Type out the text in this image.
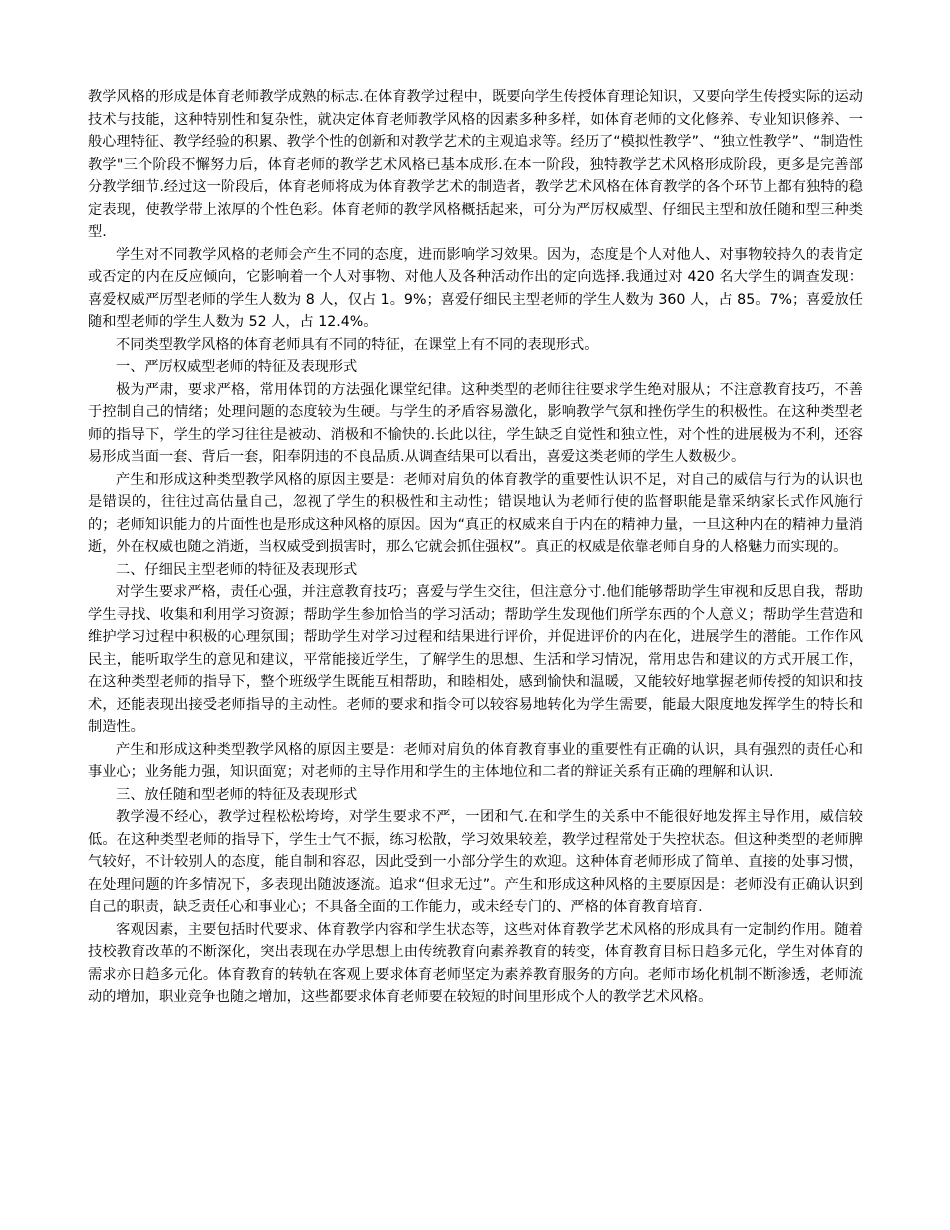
教学风格的形成是体育老师教学成熟的标志.在体育教学过程中，既要向学生传授体育理论知识，又要向学生传授实际的运动技术与技能，这种特别性和复杂性，就决定体育老师教学风格的因素多种多样，如体育老师的文化修养、专业知识修养、一般心理特征、教学经验的积累、教学个性的创新和对教学艺术的主观追求等。经历了“模拟性教学”、“独立性教学”、“制造性教学"三个阶段不懈努力后，体育老师的教学艺术风格已基本成形.在本一阶段，独特教学艺术风格形成阶段，更多是完善部分教学细节.经过这一阶段后，体育老师将成为体育教学艺术的制造者，教学艺术风格在体育教学的各个环节上都有独特的稳定表现，使教学带上浓厚的个性色彩。体育老师的教学风格概括起来，可分为严厉权威型、仔细民主型和放任随和型三种类型.

学生对不同教学风格的老师会产生不同的态度，进而影响学习效果。因为，态度是个人对他人、对事物较持久的表肯定或否定的内在反应倾向，它影响着一个人对事物、对他人及各种活动作出的定向选择.我通过对 420 名大学生的调查发现：喜爱权威严厉型老师的学生人数为 8 人，仅占 1。9%；喜爱仔细民主型老师的学生人数为 360 人，占 85。7%；喜爱放任随和型老师的学生人数为 52 人，占 12.4%。

不同类型教学风格的体育老师具有不同的特征，在课堂上有不同的表现形式。

一、严厉权威型老师的特征及表现形式

极为严肃，要求严格，常用体罚的方法强化课堂纪律。这种类型的老师往往要求学生绝对服从；不注意教育技巧，不善于控制自己的情绪；处理问题的态度较为生硬。与学生的矛盾容易激化，影响教学气氛和挫伤学生的积极性。在这种类型老师的指导下，学生的学习往往是被动、消极和不愉快的.长此以往，学生缺乏自觉性和独立性，对个性的进展极为不利，还容易形成当面一套、背后一套，阳奉阴违的不良品质.从调查结果可以看出，喜爱这类老师的学生人数极少。

产生和形成这种类型教学风格的原因主要是：老师对肩负的体育教学的重要性认识不足，对自己的威信与行为的认识也是错误的，往往过高估量自己，忽视了学生的积极性和主动性；错误地认为老师行使的监督职能是靠采纳家长式作风施行的；老师知识能力的片面性也是形成这种风格的原因。因为“真正的权威来自于内在的精神力量，一旦这种内在的精神力量消逝，外在权威也随之消逝，当权威受到损害时，那么它就会抓住强权”。真正的权威是依靠老师自身的人格魅力而实现的。

二、仔细民主型老师的特征及表现形式

对学生要求严格，责任心强，并注意教育技巧；喜爱与学生交往，但注意分寸.他们能够帮助学生审视和反思自我，帮助学生寻找、收集和利用学习资源；帮助学生参加恰当的学习活动；帮助学生发现他们所学东西的个人意义；帮助学生营造和维护学习过程中积极的心理氛围；帮助学生对学习过程和结果进行评价，并促进评价的内在化，进展学生的潜能。工作作风民主，能听取学生的意见和建议，平常能接近学生，了解学生的思想、生活和学习情况，常用忠告和建议的方式开展工作，在这种类型老师的指导下，整个班级学生既能互相帮助，和睦相处，感到愉快和温暖，又能较好地掌握老师传授的知识和技术，还能表现出接受老师指导的主动性。老师的要求和指令可以较容易地转化为学生需要，能最大限度地发挥学生的特长和制造性。

产生和形成这种类型教学风格的原因主要是：老师对肩负的体育教育事业的重要性有正确的认识，具有强烈的责任心和事业心；业务能力强，知识面宽；对老师的主导作用和学生的主体地位和二者的辩证关系有正确的理解和认识.

三、放任随和型老师的特征及表现形式

教学漫不经心，教学过程松松垮垮，对学生要求不严，一团和气.在和学生的关系中不能很好地发挥主导作用，威信较低。在这种类型老师的指导下，学生士气不振，练习松散，学习效果较差，教学过程常处于失控状态。但这种类型的老师脾气较好，不计较别人的态度，能自制和容忍，因此受到一小部分学生的欢迎。这种体育老师形成了简单、直接的处事习惯，在处理问题的许多情况下，多表现出随波逐流。追求“但求无过”。产生和形成这种风格的主要原因是：老师没有正确认识到自己的职责，缺乏责任心和事业心；不具备全面的工作能力，或未经专门的、严格的体育教育培育.

客观因素，主要包括时代要求、体育教学内容和学生状态等，这些对体育教学艺术风格的形成具有一定制约作用。随着技校教育改革的不断深化，突出表现在办学思想上由传统教育向素养教育的转变，体育教育目标日趋多元化，学生对体育的需求亦日趋多元化。体育教育的转轨在客观上要求体育老师坚定为素养教育服务的方向。老师市场化机制不断渗透，老师流动的增加，职业竞争也随之增加，这些都要求体育老师要在较短的时间里形成个人的教学艺术风格。
